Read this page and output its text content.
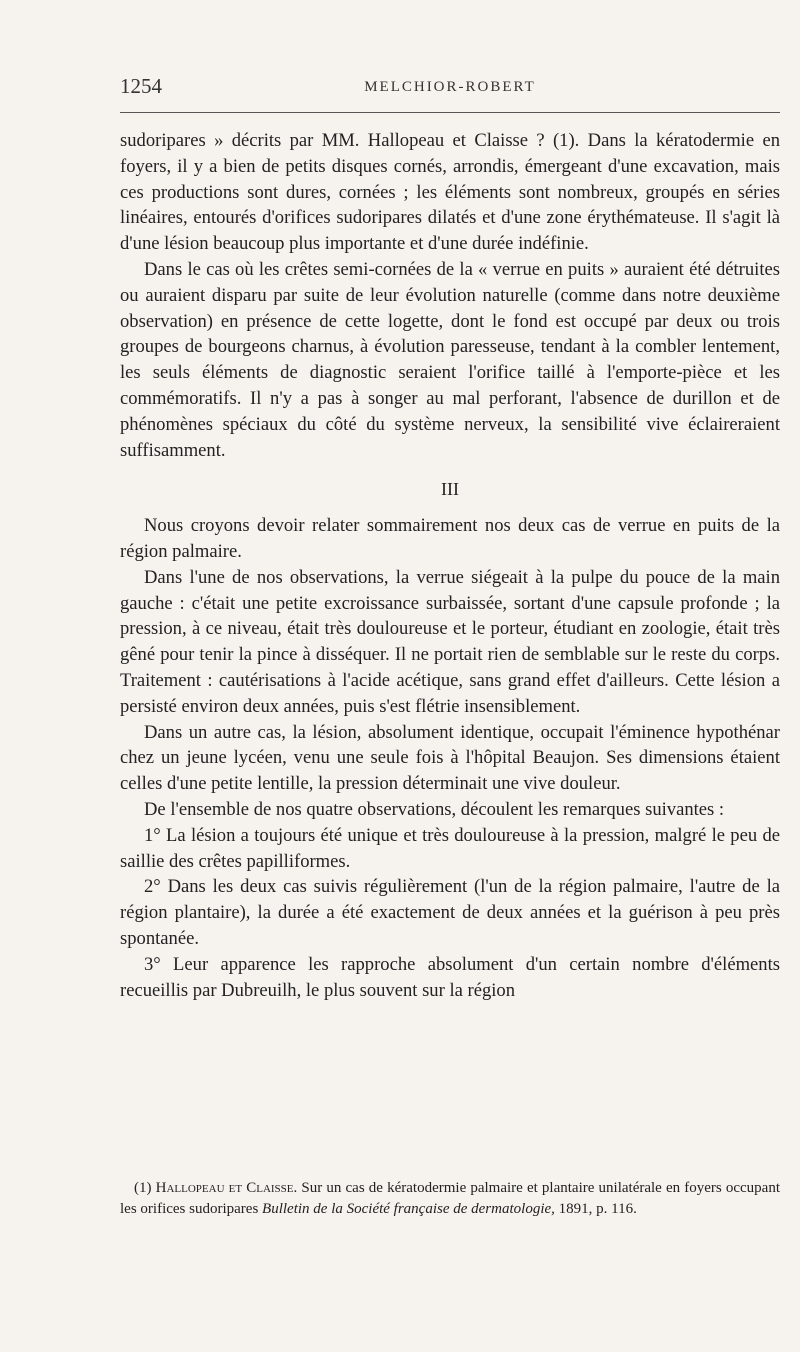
1254	MELCHIOR-ROBERT

sudoripares » décrits par MM. Hallopeau et Claisse ? (1). Dans la kératodermie en foyers, il y a bien de petits disques cornés, arrondis, émergeant d'une excavation, mais ces productions sont dures, cornées ; les éléments sont nombreux, groupés en séries linéaires, entourés d'orifices sudoripares dilatés et d'une zone érythémateuse. Il s'agit là d'une lésion beaucoup plus importante et d'une durée indéfinie.

Dans le cas où les crêtes semi-cornées de la « verrue en puits » auraient été détruites ou auraient disparu par suite de leur évolution naturelle (comme dans notre deuxième observation) en présence de cette logette, dont le fond est occupé par deux ou trois groupes de bourgeons charnus, à évolution paresseuse, tendant à la combler lentement, les seuls éléments de diagnostic seraient l'orifice taillé à l'emporte-pièce et les commémoratifs. Il n'y a pas à songer au mal perforant, l'absence de durillon et de phénomènes spéciaux du côté du système nerveux, la sensibilité vive éclaireraient suffisamment.

III

Nous croyons devoir relater sommairement nos deux cas de verrue en puits de la région palmaire.

Dans l'une de nos observations, la verrue siégeait à la pulpe du pouce de la main gauche : c'était une petite excroissance surbaissée, sortant d'une capsule profonde ; la pression, à ce niveau, était très douloureuse et le porteur, étudiant en zoologie, était très gêné pour tenir la pince à disséquer. Il ne portait rien de semblable sur le reste du corps. Traitement : cautérisations à l'acide acétique, sans grand effet d'ailleurs. Cette lésion a persisté environ deux années, puis s'est flétrie insensiblement.

Dans un autre cas, la lésion, absolument identique, occupait l'éminence hypothénar chez un jeune lycéen, venu une seule fois à l'hôpital Beaujon. Ses dimensions étaient celles d'une petite lentille, la pression déterminait une vive douleur.

De l'ensemble de nos quatre observations, découlent les remarques suivantes :

1° La lésion a toujours été unique et très douloureuse à la pression, malgré le peu de saillie des crêtes papilliformes.

2° Dans les deux cas suivis régulièrement (l'un de la région palmaire, l'autre de la région plantaire), la durée a été exactement de deux années et la guérison à peu près spontanée.

3° Leur apparence les rapproche absolument d'un certain nombre d'éléments recueillis par Dubreuilh, le plus souvent sur la région

(1) Hallopeau et Claisse. Sur un cas de kératodermie palmaire et plantaire unilatérale en foyers occupant les orifices sudoripares Bulletin de la Société française de dermatologie, 1891, p. 116.
